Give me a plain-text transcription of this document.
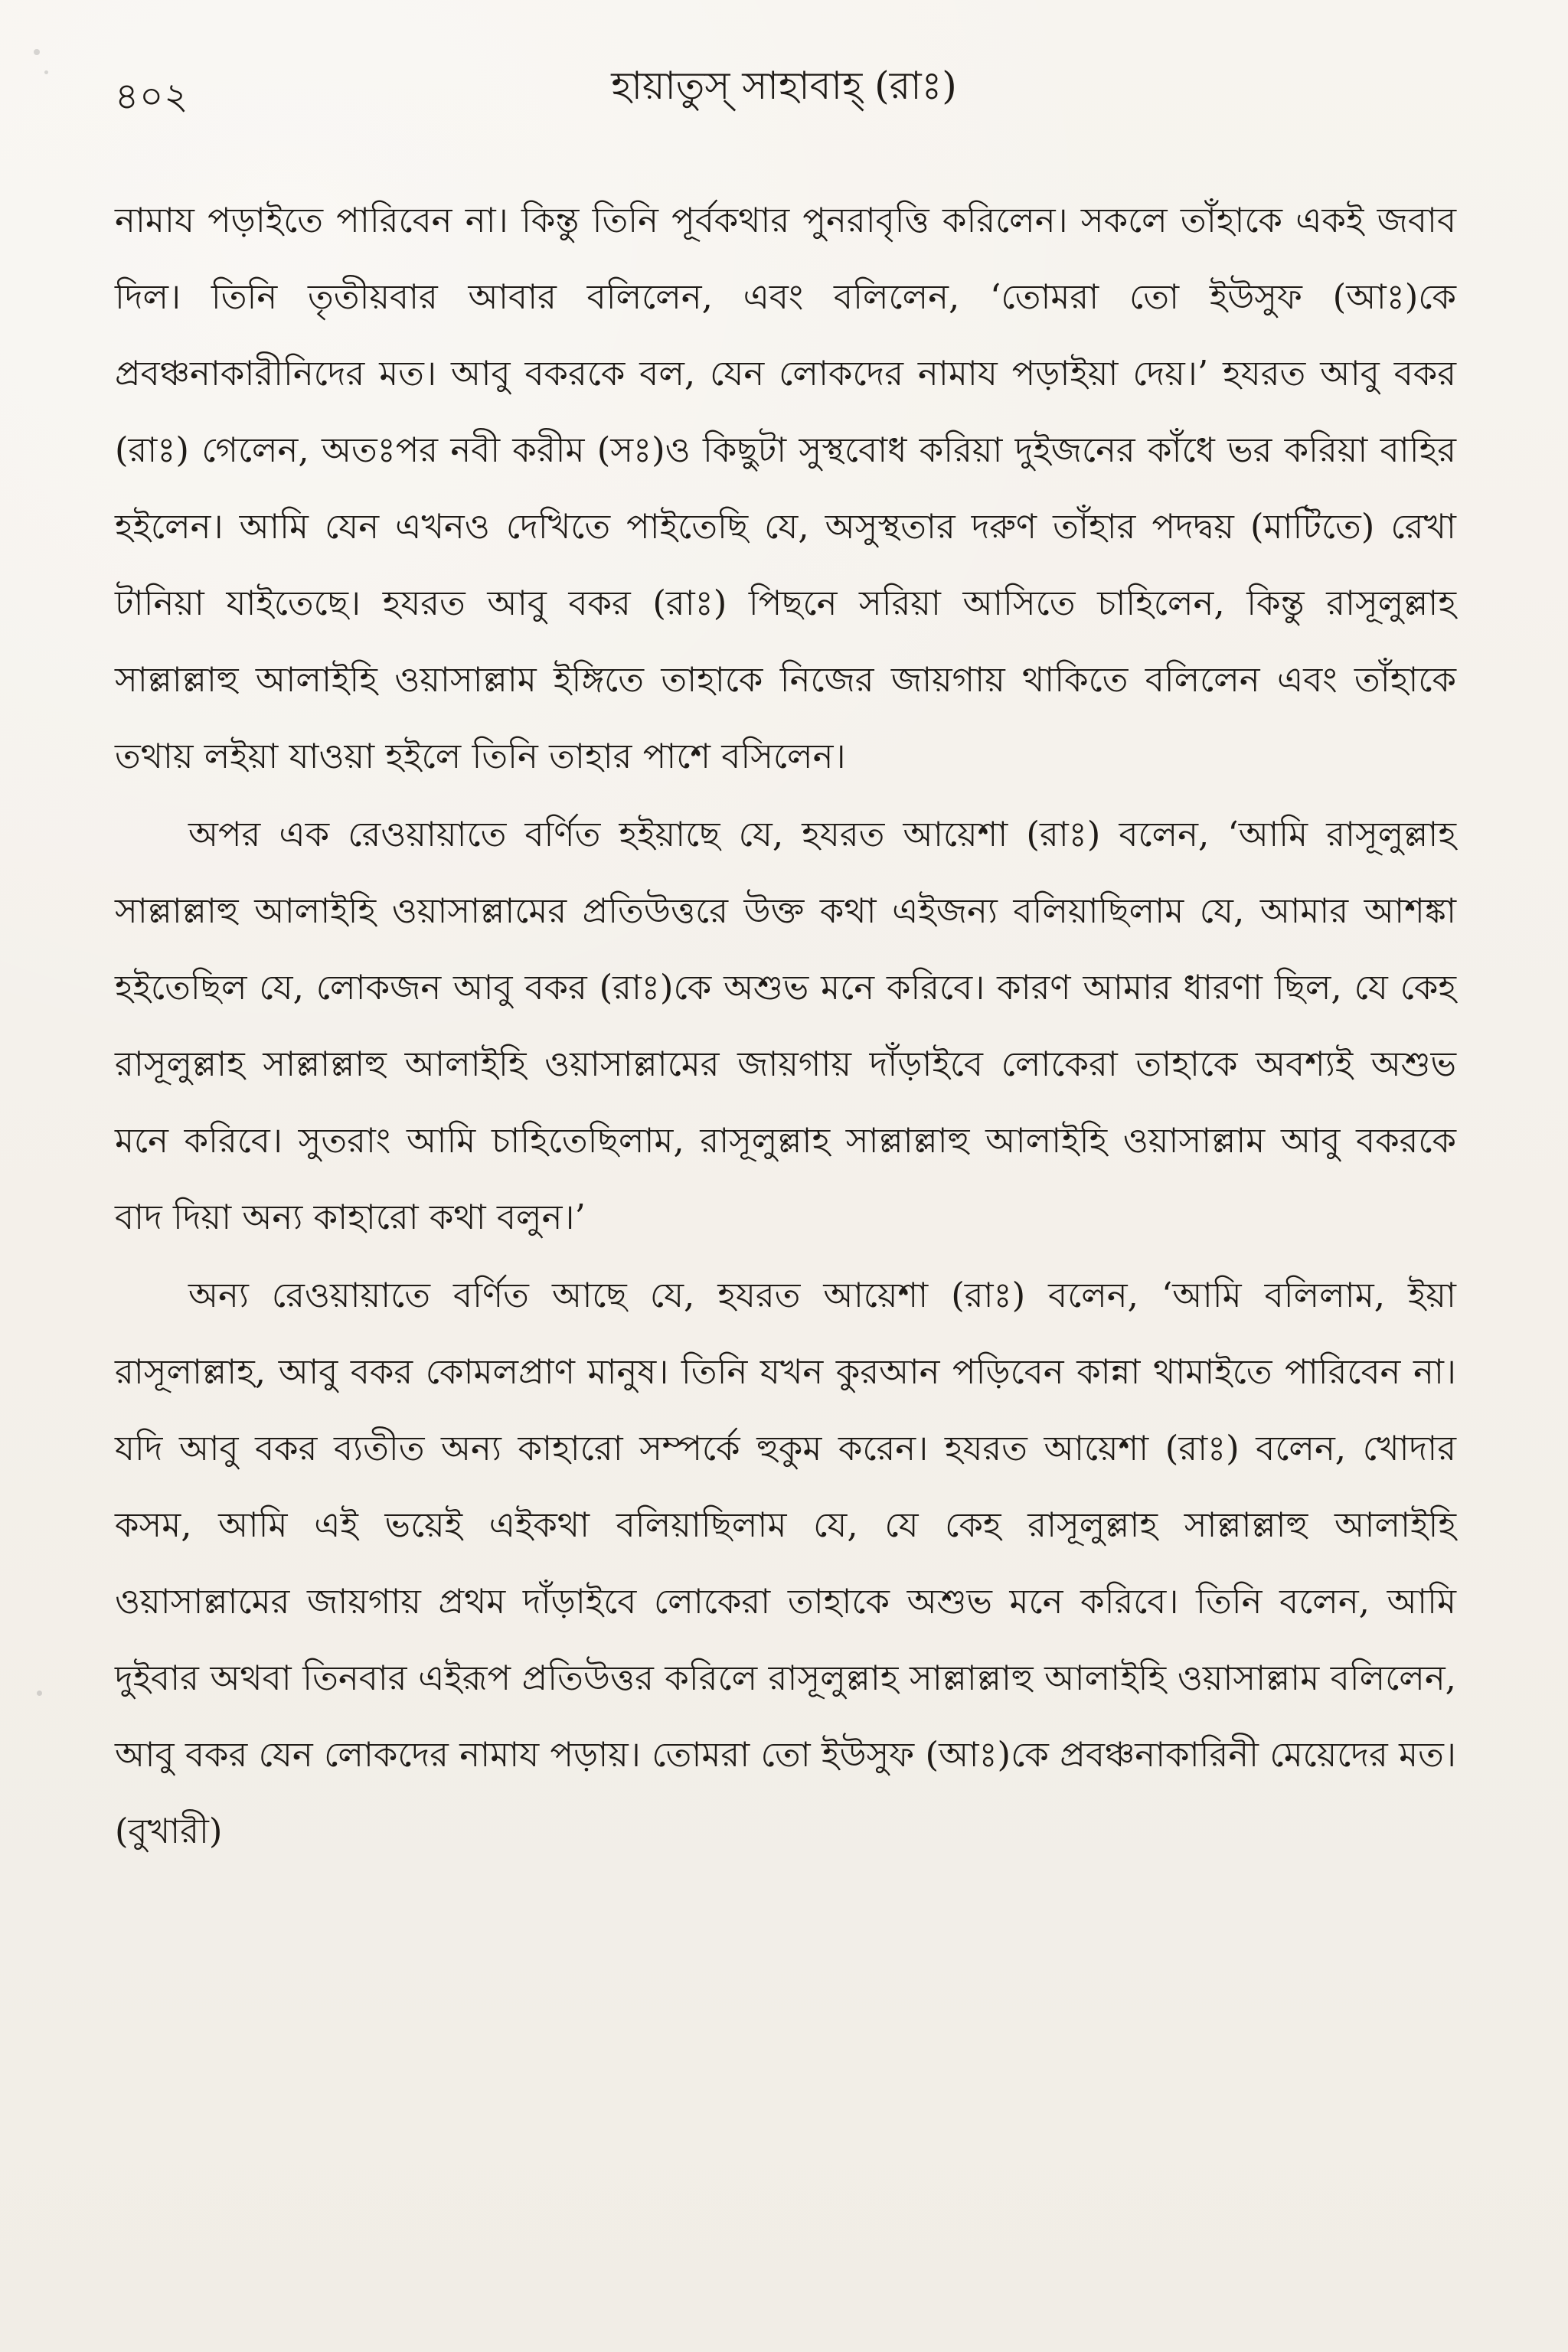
৪০২	হায়াতুস্ সাহাবাহ্ (রাঃ)

নামায পড়াইতে পারিবেন না। কিন্তু তিনি পূর্বকথার পুনরাবৃত্তি করিলেন। সকলে তাঁহাকে একই জবাব দিল। তিনি তৃতীয়বার আবার বলিলেন, এবং বলিলেন, ‘তোমরা তো ইউসুফ (আঃ)কে প্রবঞ্চনাকারীনিদের মত। আবু বকরকে বল, যেন লোকদের নামায পড়াইয়া দেয়।’ হযরত আবু বকর (রাঃ) গেলেন, অতঃপর নবী করীম (সঃ)ও কিছুটা সুস্থবোধ করিয়া দুইজনের কাঁধে ভর করিয়া বাহির হইলেন। আমি যেন এখনও দেখিতে পাইতেছি যে, অসুস্থতার দরুণ তাঁহার পদদ্বয় (মাটিতে) রেখা টানিয়া যাইতেছে। হযরত আবু বকর (রাঃ) পিছনে সরিয়া আসিতে চাহিলেন, কিন্তু রাসূলুল্লাহ সাল্লাল্লাহু আলাইহি ওয়াসাল্লাম ইঙ্গিতে তাহাকে নিজের জায়গায় থাকিতে বলিলেন এবং তাঁহাকে তথায় লইয়া যাওয়া হইলে তিনি তাহার পাশে বসিলেন।

অপর এক রেওয়ায়াতে বর্ণিত হইয়াছে যে, হযরত আয়েশা (রাঃ) বলেন, ‘আমি রাসূলুল্লাহ সাল্লাল্লাহু আলাইহি ওয়াসাল্লামের প্রতিউত্তরে উক্ত কথা এইজন্য বলিয়াছিলাম যে, আমার আশঙ্কা হইতেছিল যে, লোকজন আবু বকর (রাঃ)কে অশুভ মনে করিবে। কারণ আমার ধারণা ছিল, যে কেহ রাসূলুল্লাহ সাল্লাল্লাহু আলাইহি ওয়াসাল্লামের জায়গায় দাঁড়াইবে লোকেরা তাহাকে অবশ্যই অশুভ মনে করিবে। সুতরাং আমি চাহিতেছিলাম, রাসূলুল্লাহ সাল্লাল্লাহু আলাইহি ওয়াসাল্লাম আবু বকরকে বাদ দিয়া অন্য কাহারো কথা বলুন।’

অন্য রেওয়ায়াতে বর্ণিত আছে যে, হযরত আয়েশা (রাঃ) বলেন, ‘আমি বলিলাম, ইয়া রাসূলাল্লাহ, আবু বকর কোমলপ্রাণ মানুষ। তিনি যখন কুরআন পড়িবেন কান্না থামাইতে পারিবেন না। যদি আবু বকর ব্যতীত অন্য কাহারো সম্পর্কে হুকুম করেন। হযরত আয়েশা (রাঃ) বলেন, খোদার কসম, আমি এই ভয়েই এইকথা বলিয়াছিলাম যে, যে কেহ রাসূলুল্লাহ সাল্লাল্লাহু আলাইহি ওয়াসাল্লামের জায়গায় প্রথম দাঁড়াইবে লোকেরা তাহাকে অশুভ মনে করিবে। তিনি বলেন, আমি দুইবার অথবা তিনবার এইরূপ প্রতিউত্তর করিলে রাসূলুল্লাহ সাল্লাল্লাহু আলাইহি ওয়াসাল্লাম বলিলেন, আবু বকর যেন লোকদের নামায পড়ায়। তোমরা তো ইউসুফ (আঃ)কে প্রবঞ্চনাকারিনী মেয়েদের মত। (বুখারী)
